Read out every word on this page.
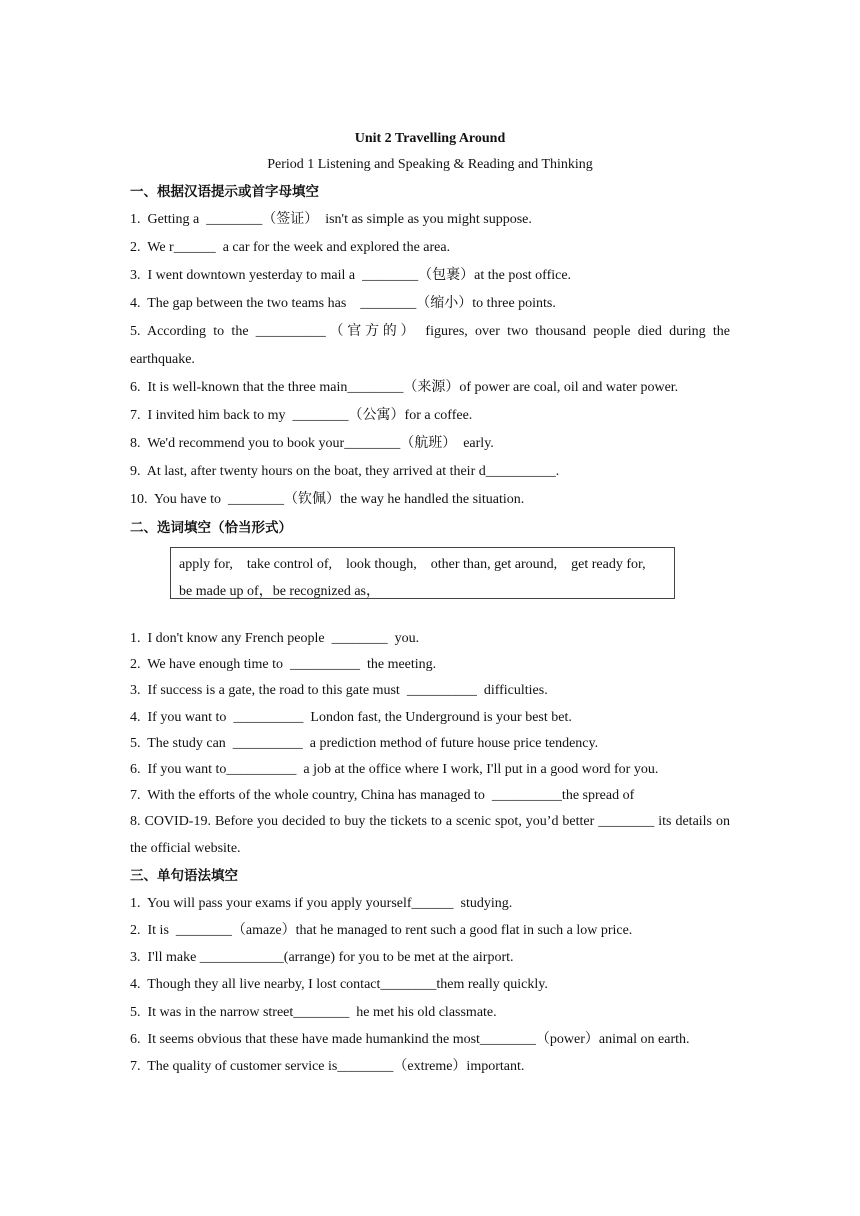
Unit 2 Travelling Around
Period 1 Listening and Speaking & Reading and Thinking
一、根据汉语提示或首字母填空
1.  Getting a  ________（签证）  isn't as simple as you might suppose.
2.  We r______  a car for the week and explored the area.
3.  I went downtown yesterday to mail a  ________（包裹）at the post office.
4.  The gap between the two teams has    ________（缩小）to three points.
5. According to the __________（官方的） figures, over two thousand people died during the earthquake.
6.  It is well-known that the three main________（来源）of power are coal, oil and water power.
7.  I invited him back to my  ________（公寓）for a coffee.
8.  We'd recommend you to book your________（航班）  early.
9.  At last, after twenty hours on the boat, they arrived at their d__________.
10.  You have to  ________（钦佩）the way he handled the situation.
二、选词填空（恰当形式）
apply for,    take control of,    look though,    other than, get around,    get ready for,
be made up of，be recognized as，
1.  I don't know any French people  ________  you.
2.  We have enough time to  __________  the meeting.
3.  If success is a gate, the road to this gate must  __________  difficulties.
4.  If you want to  __________  London fast, the Underground is your best bet.
5.  The study can  __________  a prediction method of future house price tendency.
6.  If you want to__________  a job at the office where I work, I'll put in a good word for you.
7.  With the efforts of the whole country, China has managed to  __________the spread of
8. COVID-19. Before you decided to buy the tickets to a scenic spot, you’d better ________ its details on the official website.
三、单句语法填空
1.  You will pass your exams if you apply yourself______  studying.
2.  It is  ________（amaze）that he managed to rent such a good flat in such a low price.
3.  I'll make ____________(arrange) for you to be met at the airport.
4.  Though they all live nearby, I lost contact________them really quickly.
5.  It was in the narrow street________  he met his old classmate.
6.  It seems obvious that these have made humankind the most________（power）animal on earth.
7.  The quality of customer service is________（extreme）important.
